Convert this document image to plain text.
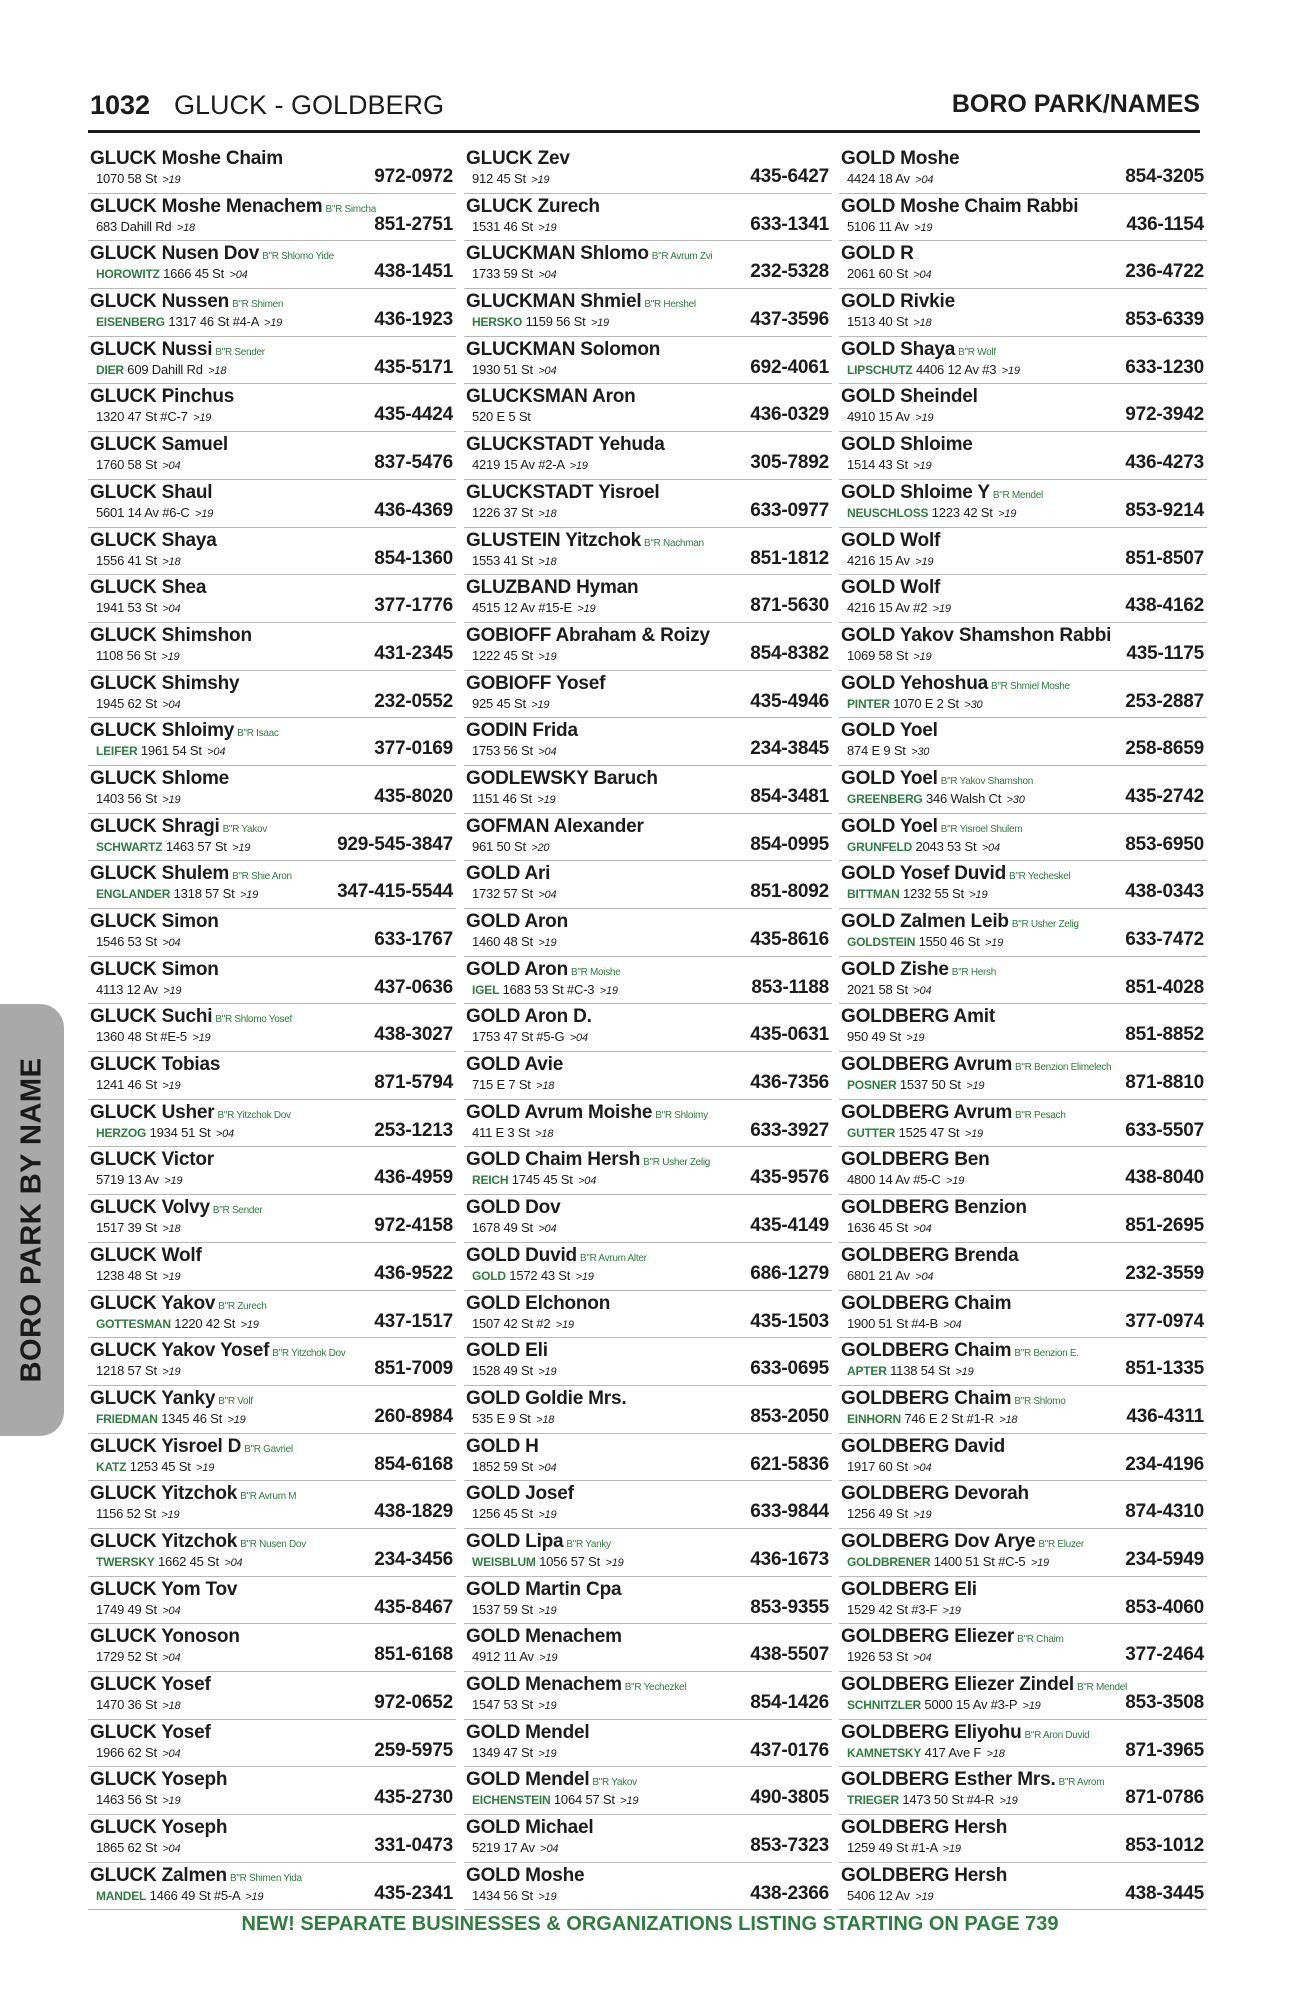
1032 GLUCK - GOLDBERG	BORO PARK/NAMES
GLUCK Moshe Chaim
1070 58 St >19	972-0972
GLUCK Moshe Menachem B"R Simcha
683 Dahill Rd >18	851-2751
GLUCK Nusen Dov B"R Shlomo Yide
HOROWITZ 1666 45 St >04	438-1451
GLUCK Nussen B"R Shimen
EISENBERG 1317 46 St #4-A >19	436-1923
GLUCK Nussi B"R Sender
DIER 609 Dahill Rd >18	435-5171
GLUCK Pinchus
1320 47 St #C-7 >19	435-4424
GLUCK Samuel
1760 58 St >04	837-5476
GLUCK Shaul
5601 14 Av #6-C >19	436-4369
GLUCK Shaya
1556 41 St >18	854-1360
GLUCK Shea
1941 53 St >04	377-1776
GLUCK Shimshon
1108 56 St >19	431-2345
GLUCK Shimshy
1945 62 St >04	232-0552
GLUCK Shloimy B"R Isaac
LEIFER 1961 54 St >04	377-0169
GLUCK Shlome
1403 56 St >19	435-8020
GLUCK Shragi B"R Yakov
SCHWARTZ 1463 57 St >19	929-545-3847
GLUCK Shulem B"R Shie Aron
ENGLANDER 1318 57 St >19	347-415-5544
GLUCK Simon
1546 53 St >04	633-1767
GLUCK Simon
4113 12 Av >19	437-0636
GLUCK Suchi B"R Shlomo Yosef
1360 48 St #E-5 >19	438-3027
GLUCK Tobias
1241 46 St >19	871-5794
GLUCK Usher B"R Yitzchok Dov
HERZOG 1934 51 St >04	253-1213
GLUCK Victor
5719 13 Av >19	436-4959
GLUCK Volvy B"R Sender
1517 39 St >18	972-4158
GLUCK Wolf
1238 48 St >19	436-9522
GLUCK Yakov B"R Zurech
GOTTESMAN 1220 42 St >19	437-1517
GLUCK Yakov Yosef B"R Yitzchok Dov
1218 57 St >19	851-7009
GLUCK Yanky B"R Volf
FRIEDMAN 1345 46 St >19	260-8984
GLUCK Yisroel D B"R Gavriel
KATZ 1253 45 St >19	854-6168
GLUCK Yitzchok B"R Avrum M
1156 52 St >19	438-1829
GLUCK Yitzchok B"R Nusen Dov
TWERSKY 1662 45 St >04	234-3456
GLUCK Yom Tov
1749 49 St >04	435-8467
GLUCK Yonoson
1729 52 St >04	851-6168
GLUCK Yosef
1470 36 St >18	972-0652
GLUCK Yosef
1966 62 St >04	259-5975
GLUCK Yoseph
1463 56 St >19	435-2730
GLUCK Yoseph
1865 62 St >04	331-0473
GLUCK Zalmen B"R Shimen Yida
MANDEL 1466 49 St #5-A >19	435-2341
GLUCK Zev
912 45 St >19	435-6427
GLUCK Zurech
1531 46 St >19	633-1341
GLUCKMAN Shlomo B"R Avrum Zvi
1733 59 St >04	232-5328
GLUCKMAN Shmiel B"R Hershel
HERSKO 1159 56 St >19	437-3596
GLUCKMAN Solomon
1930 51 St >04	692-4061
GLUCKSMAN Aron
520 E 5 St	436-0329
GLUCKSTADT Yehuda
4219 15 Av #2-A >19	305-7892
GLUCKSTADT Yisroel
1226 37 St >18	633-0977
GLUSTEIN Yitzchok B"R Nachman
1553 41 St >18	851-1812
GLUZBAND Hyman
4515 12 Av #15-E >19	871-5630
GOBIOFF Abraham & Roizy
1222 45 St >19	854-8382
GOBIOFF Yosef
925 45 St >19	435-4946
GODIN Frida
1753 56 St >04	234-3845
GODLEWSKY Baruch
1151 46 St >19	854-3481
GOFMAN Alexander
961 50 St >20	854-0995
GOLD Ari
1732 57 St >04	851-8092
GOLD Aron
1460 48 St >19	435-8616
GOLD Aron B"R Moishe
IGEL 1683 53 St #C-3 >19	853-1188
GOLD Aron D.
1753 47 St #5-G >04	435-0631
GOLD Avie
715 E 7 St >18	436-7356
GOLD Avrum Moishe B"R Shloimy
411 E 3 St >18	633-3927
GOLD Chaim Hersh B"R Usher Zelig
REICH 1745 45 St >04	435-9576
GOLD Dov
1678 49 St >04	435-4149
GOLD Duvid B"R Avrum Alter
GOLD 1572 43 St >19	686-1279
GOLD Elchonon
1507 42 St #2 >19	435-1503
GOLD Eli
1528 49 St >19	633-0695
GOLD Goldie Mrs.
535 E 9 St >18	853-2050
GOLD H
1852 59 St >04	621-5836
GOLD Josef
1256 45 St >19	633-9844
GOLD Lipa B"R Yanky
WEISBLUM 1056 57 St >19	436-1673
GOLD Martin Cpa
1537 59 St >19	853-9355
GOLD Menachem
4912 11 Av >19	438-5507
GOLD Menachem B"R Yechezkel
1547 53 St >19	854-1426
GOLD Mendel
1349 47 St >19	437-0176
GOLD Mendel B"R Yakov
EICHENSTEIN 1064 57 St >19	490-3805
GOLD Michael
5219 17 Av >04	853-7323
GOLD Moshe
1434 56 St >19	438-2366
GOLD Moshe
4424 18 Av >04	854-3205
GOLD Moshe Chaim Rabbi
5106 11 Av >19	436-1154
GOLD R
2061 60 St >04	236-4722
GOLD Rivkie
1513 40 St >18	853-6339
GOLD Shaya B"R Wolf
LIPSCHUTZ 4406 12 Av #3 >19	633-1230
GOLD Sheindel
4910 15 Av >19	972-3942
GOLD Shloime
1514 43 St >19	436-4273
GOLD Shloime Y B"R Mendel
NEUSCHLOSS 1223 42 St >19	853-9214
GOLD Wolf
4216 15 Av >19	851-8507
GOLD Wolf
4216 15 Av #2 >19	438-4162
GOLD Yakov Shamshon Rabbi
1069 58 St >19	435-1175
GOLD Yehoshua B"R Shmiel Moshe
PINTER 1070 E 2 St >30	253-2887
GOLD Yoel
874 E 9 St >30	258-8659
GOLD Yoel B"R Yakov Shamshon
GREENBERG 346 Walsh Ct >30	435-2742
GOLD Yoel B"R Yisroel Shulem
GRUNFELD 2043 53 St >04	853-6950
GOLD Yosef Duvid B"R Yecheskel
BITTMAN 1232 55 St >19	438-0343
GOLD Zalmen Leib B"R Usher Zelig
GOLDSTEIN 1550 46 St >19	633-7472
GOLD Zishe B"R Hersh
2021 58 St >04	851-4028
GOLDBERG Amit
950 49 St >19	851-8852
GOLDBERG Avrum B"R Benzion Elimelech
POSNER 1537 50 St >19	871-8810
GOLDBERG Avrum B"R Pesach
GUTTER 1525 47 St >19	633-5507
GOLDBERG Ben
4800 14 Av #5-C >19	438-8040
GOLDBERG Benzion
1636 45 St >04	851-2695
GOLDBERG Brenda
6801 21 Av >04	232-3559
GOLDBERG Chaim
1900 51 St #4-B >04	377-0974
GOLDBERG Chaim B"R Benzion E.
APTER 1138 54 St >19	851-1335
GOLDBERG Chaim B"R Shlomo
EINHORN 746 E 2 St #1-R >18	436-4311
GOLDBERG David
1917 60 St >04	234-4196
GOLDBERG Devorah
1256 49 St >19	874-4310
GOLDBERG Dov Arye B"R Eluzer
GOLDBRENER 1400 51 St #C-5 >19	234-5949
GOLDBERG Eli
1529 42 St #3-F >19	853-4060
GOLDBERG Eliezer B"R Chaim
1926 53 St >04	377-2464
GOLDBERG Eliezer Zindel B"R Mendel
SCHNITZLER 5000 15 Av #3-P >19	853-3508
GOLDBERG Eliyohu B"R Aron Duvid
KAMNETSKY 417 Ave F >18	871-3965
GOLDBERG Esther Mrs. B"R Avrom
TRIEGER 1473 50 St #4-R >19	871-0786
GOLDBERG Hersh
1259 49 St #1-A >19	853-1012
GOLDBERG Hersh
5406 12 Av >19	438-3445
BORO PARK BY NAME
NEW! SEPARATE BUSINESSES & ORGANIZATIONS LISTING STARTING ON PAGE 739
